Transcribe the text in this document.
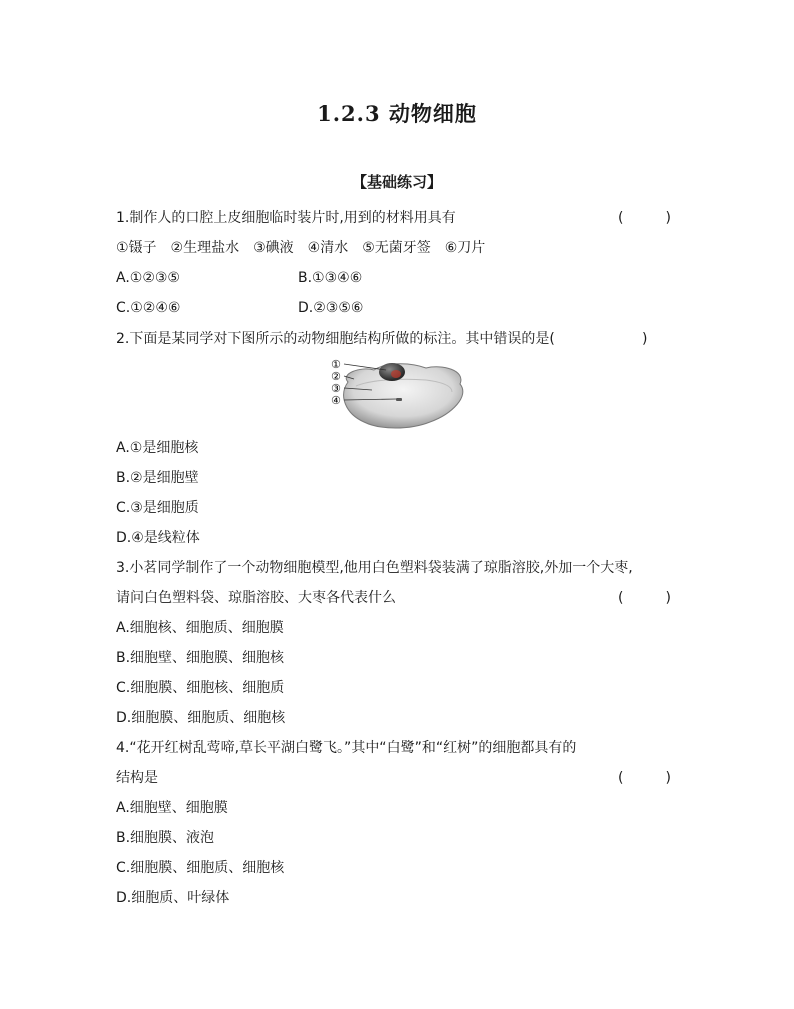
1.2.3 动物细胞
【基础练习】
1.制作人的口腔上皮细胞临时装片时,用到的材料用具有	(　　　)
①镊子　②生理盐水　③碘液　④清水　⑤无菌牙签　⑥刀片
A.①②③⑤	B.①③④⑥
C.①②④⑥	D.②③⑤⑥
2.下面是某同学对下图所示的动物细胞结构所做的标注。其中错误的是(	)
①
②
③
④
A.①是细胞核
B.②是细胞壁
C.③是细胞质
D.④是线粒体
3.小茗同学制作了一个动物细胞模型,他用白色塑料袋装满了琼脂溶胶,外加一个大枣,
请问白色塑料袋、琼脂溶胶、大枣各代表什么	(　　　)
A.细胞核、细胞质、细胞膜
B.细胞壁、细胞膜、细胞核
C.细胞膜、细胞核、细胞质
D.细胞膜、细胞质、细胞核
4.“花开红树乱莺啼,草长平湖白鹭飞。”其中“白鹭”和“红树”的细胞都具有的
结构是	(　　　)
A.细胞壁、细胞膜
B.细胞膜、液泡
C.细胞膜、细胞质、细胞核
D.细胞质、叶绿体
